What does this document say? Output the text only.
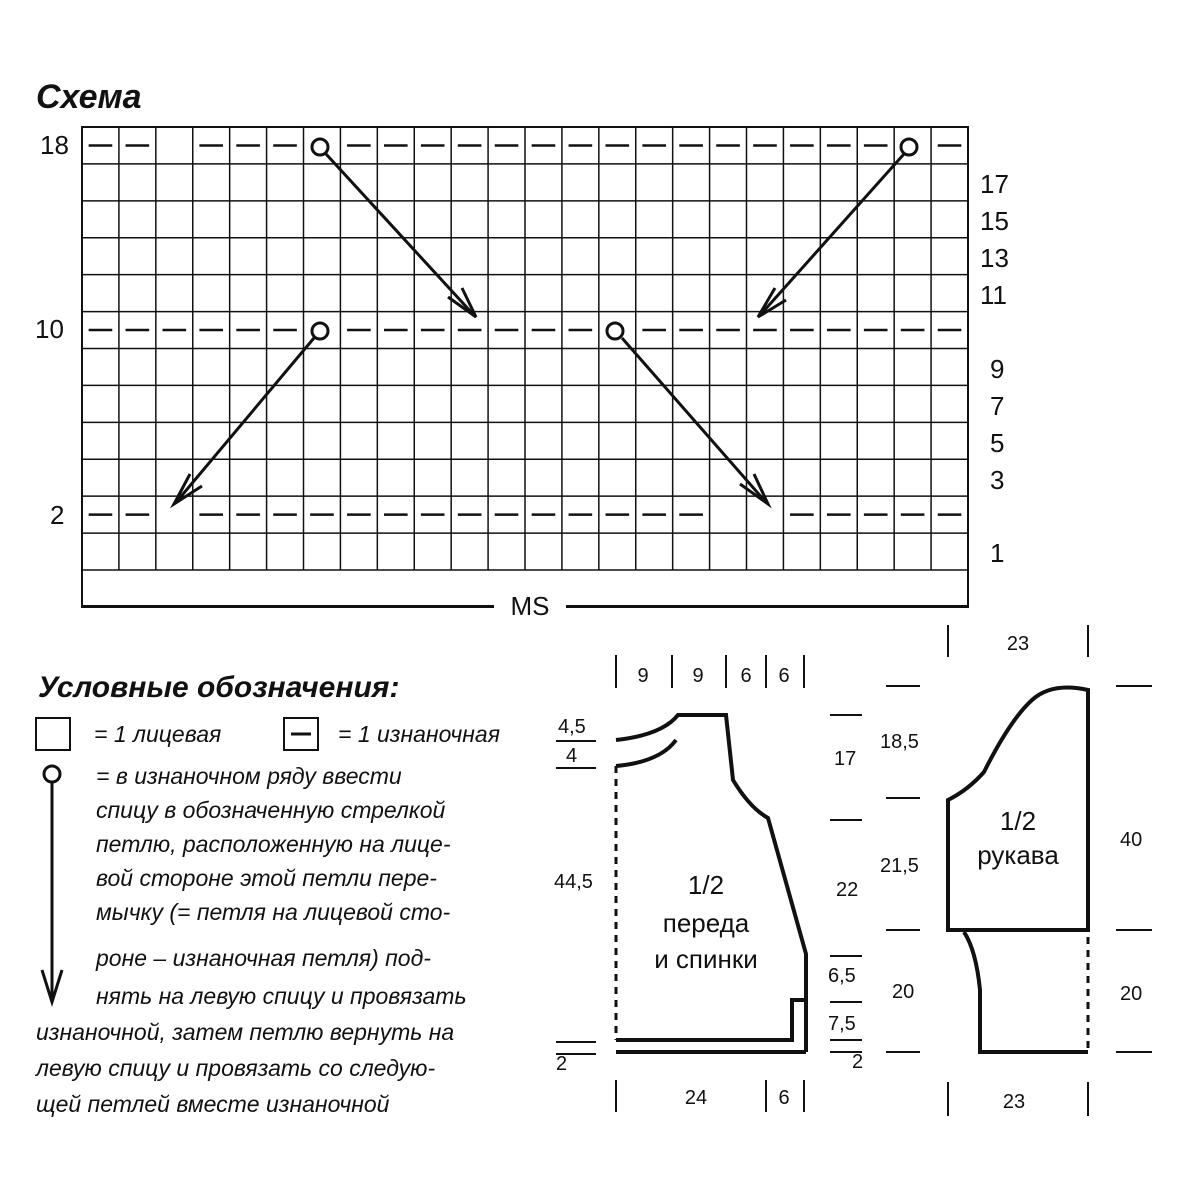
Схема
MS
18
10
2
17
15
13
11
9
7
5
3
1
Условные обозначения:
= 1 лицевая	= 1 изнаночная
= в изнаночном ряду ввести
спицу в обозначенную стрелкой
петлю, расположенную на лице-
вой стороне этой петли пере-
мычку (= петля на лицевой сто-
роне – изнаночная петля) под-
нять на левую спицу и провязать
изнаночной, затем петлю вернуть на
левую спицу и провязать со следую-
щей петлей вместе изнаночной
9 9 6 6
4,5
4
44,5
2
1/2
переда
и спинки
17
22
6,5
7,5
2
24	6
23
1/2
рукава
18,5
21,5
20
40
20
23
